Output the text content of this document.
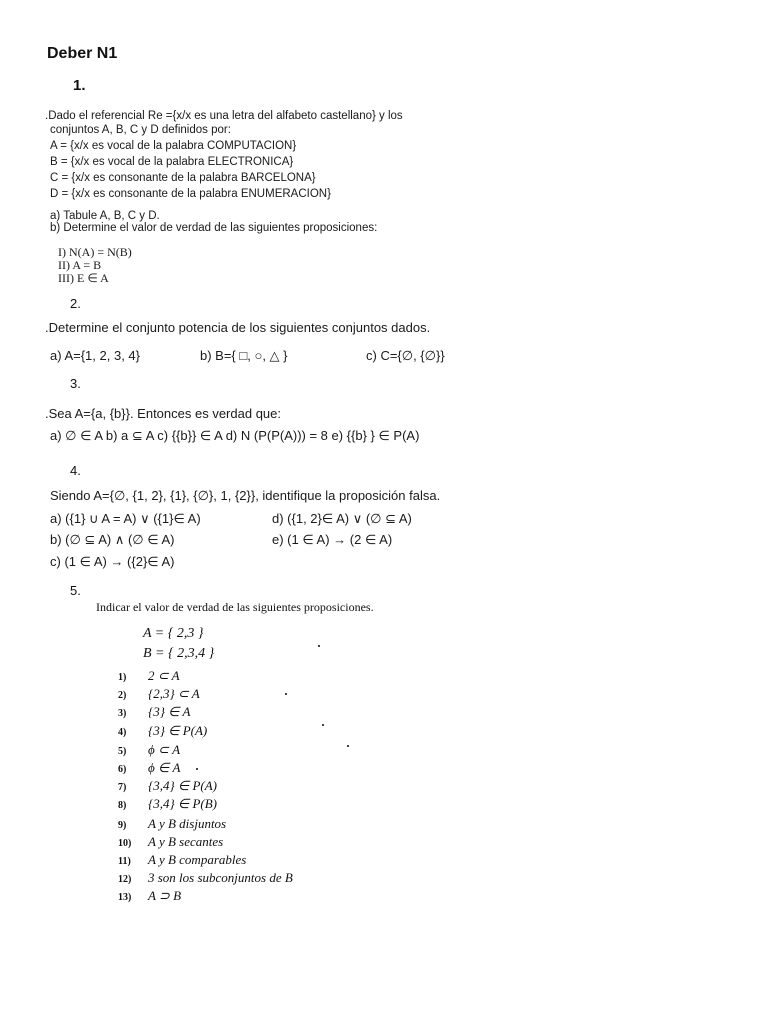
Deber N1
1.
.Dado el referencial Re ={x/x es una letra del alfabeto castellano} y los
conjuntos A, B, C y D definidos por:
A = {x/x es vocal de la palabra COMPUTACION}
B = {x/x es vocal de la palabra ELECTRONICA}
C = {x/x es consonante de la palabra BARCELONA}
D = {x/x es consonante de la palabra ENUMERACION}
a) Tabule A, B, C y D.
b) Determine el valor de verdad de las siguientes proposiciones:
I) N(A) = N(B)
II) A = B
III) E ∈ A
2.
.Determine el conjunto potencia de los siguientes conjuntos dados.
a) A={1, 2, 3, 4}	b) B={ □, ○, △ }	c) C={∅, {∅}}
3.
.Sea A={a, {b}}. Entonces es verdad que:
a) ∅ ∈ A b) a ⊆ A c) {{b}} ∈ A d) N (P(P(A))) = 8 e) {{b} } ∈ P(A)
4.
Siendo A={∅, {1, 2}, {1}, {∅}, 1, {2}}, identifique la proposición falsa.
a) ({1} ∪ A = A) ∨ ({1}∈ A)
b) (∅ ⊆ A) ∧ (∅ ∈ A)
c) (1 ∈ A) → ({2}∈ A)
d) ({1, 2}∈ A) ∨ (∅ ⊆ A)
e) (1 ∈ A) → (2 ∈ A)
5.
Indicar el valor de verdad de las siguientes proposiciones.
A = { 2,3 }
B = { 2,3,4 }
1) 2 ⊂ A
2) {2,3} ⊂ A
3) {3} ∈ A
4) {3} ∈ P(A)
5) ϕ ⊂ A
6) ϕ ∈ A
7) {3,4} ∈ P(A)
8) {3,4} ∈ P(B)
9) A y B disjuntos
10) A y B secantes
11) A y B comparables
12) 3 son los subconjuntos de B
13) A ⊃ B
